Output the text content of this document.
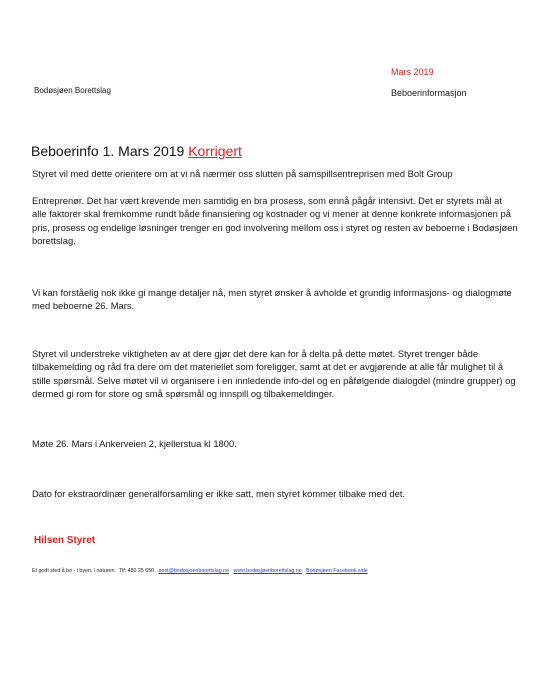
Bodøsjøen Borettslag
Mars 2019
Beboerinformasjon
Beboerinfo 1. Mars 2019 Korrigert

Styret vil med dette orientere om at vi nå nærmer oss slutten på samspillsentreprisen med Bolt Group

Entreprenør. Det har vært krevende men samtidig en bra prosess, som ennå pågår intensivt. Det er styrets mål at alle faktorer skal fremkomme rundt både finansiering og kostnader og vi mener at denne konkrete informasjonen på pris, prosess og endelige løsninger trenger en god involvering mellom oss i styret og resten av beboerne i Bodøsjøen borettslag.

Vi kan forståelig nok ikke gi mange detaljer nå, men styret ønsker å avholde et grundig informasjons- og dialogmøte med beboerne 26. Mars.

Styret vil understreke viktigheten av at dere gjør det dere kan for å delta på dette møtet. Styret trenger både tilbakemelding og råd fra dere om det materiellet som foreligger, samt at det er avgjørende at alle får mulighet til å stille spørsmål. Selve møtet vil vi organisere i en innledende info-del og en påfølgende dialogdel (mindre grupper) og dermed gi rom for store og små spørsmål og innspill og tilbakemeldinger.

Møte 26. Mars i Ankerveien 2, kjellerstua kl 1800.

Dato for ekstraordinær generalforsamling er ikke satt, men styret kommer tilbake med det.

Hilsen Styret
Et godt sted å bo - i byen, i naturen Tlf: 480 25 650 post@bodosjoenborettslag.no www.bodøsjøenborettslag.no Bodøsjøen Facebook side
